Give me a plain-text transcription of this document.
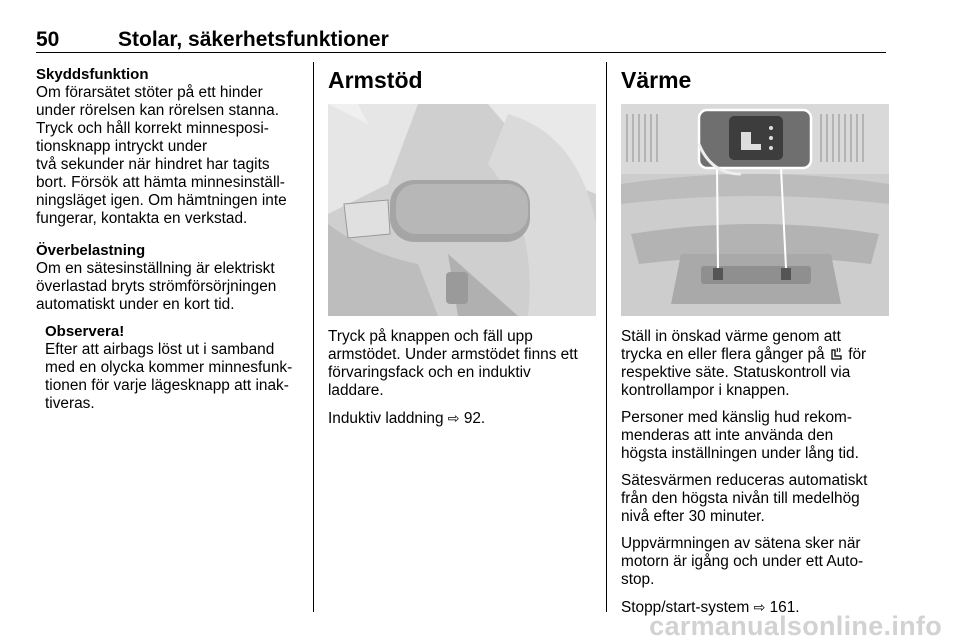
50	Stolar, säkerhetsfunktioner
Skyddsfunktion
Om förarsätet stöter på ett hinder
under rörelsen kan rörelsen stanna.
Tryck och håll korrekt minnesposi-
tionsknapp intryckt under
två sekunder när hindret har tagits
bort. Försök att hämta minnesinställ-
ningsläget igen. Om hämtningen inte
fungerar, kontakta en verkstad.
Överbelastning
Om en sätesinställning är elektriskt
överlastad bryts strömförsörjningen
automatiskt under en kort tid.
Observera!
Efter att airbags löst ut i samband
med en olycka kommer minnesfunk-
tionen för varje lägesknapp att inak-
tiveras.
Armstöd
Tryck på knappen och fäll upp
armstödet. Under armstödet finns ett
förvaringsfack och en induktiv
laddare.
Induktiv laddning ⇨ 92.
Värme
Ställ in önskad värme genom att
trycka en eller flera gånger på för
respektive säte. Statuskontroll via
kontrollampor i knappen.
Personer med känslig hud rekom-
menderas att inte använda den
högsta inställningen under lång tid.
Sätesvärmen reduceras automatiskt
från den högsta nivån till medelhög
nivå efter 30 minuter.
Uppvärmningen av sätena sker när
motorn är igång och under ett Auto-
stop.
Stopp/start-system ⇨ 161.
carmanualsonline.info
